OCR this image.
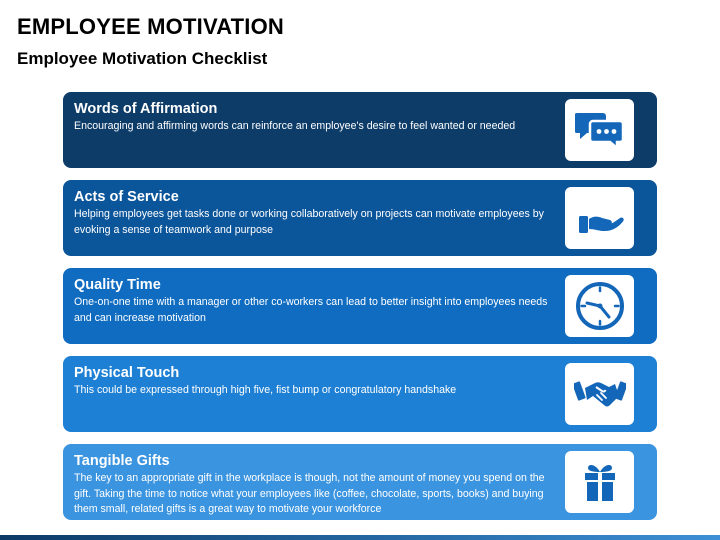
EMPLOYEE MOTIVATION
Employee Motivation Checklist
Words of Affirmation
Encouraging and affirming words can reinforce an employee's desire to feel wanted or needed
Acts of Service
Helping employees get tasks done or working collaboratively on projects can motivate employees by evoking a sense of teamwork and purpose
Quality Time
One-on-one time with a manager or other co-workers can lead to better insight into employees needs and can increase motivation
Physical Touch
This could be expressed through high five, fist bump or congratulatory handshake
Tangible Gifts
The key to an appropriate gift in the workplace is though, not the amount of money you spend on the gift. Taking the time to notice what your employees like (coffee, chocolate, sports, books) and buying them small, related gifts is a great way to motivate your workforce
